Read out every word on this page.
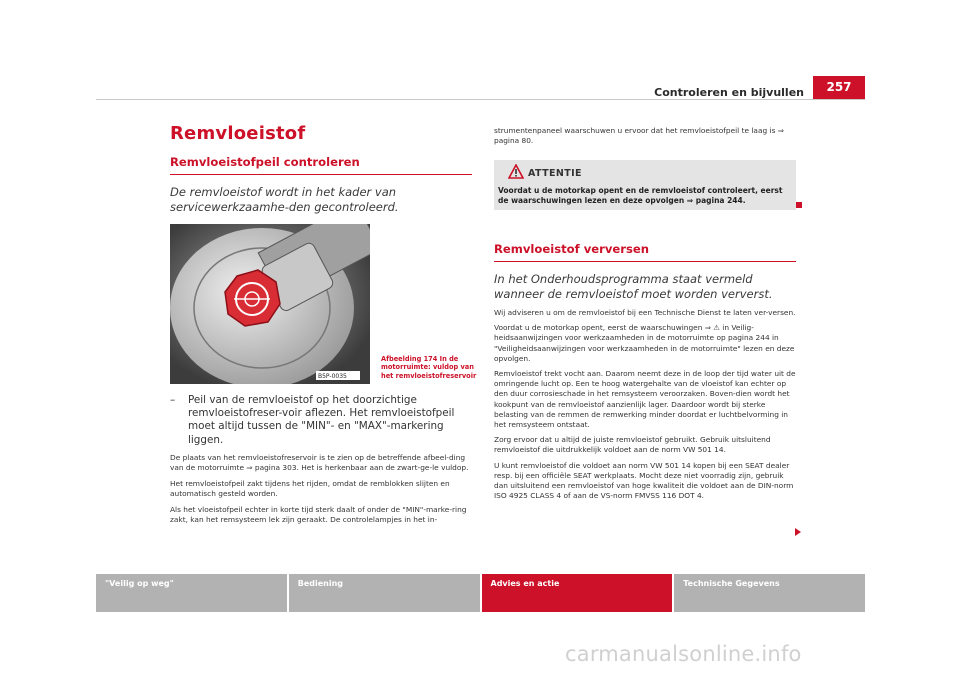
Controleren en bijvullen	257
Remvloeistof
Remvloeistofpeil controleren

De remvloeistof wordt in het kader van servicewerkzaamhe-den gecontroleerd.

B5P-0035
– Peil van de remvloeistof op het doorzichtige remvloeistofreser-voir aflezen. Het remvloeistofpeil moet altijd tussen de "MIN"- en "MAX"-markering liggen.

De plaats van het remvloeistofreservoir is te zien op de betreffende afbeel-ding van de motorruimte ⇒ pagina 303. Het is herkenbaar aan de zwart-ge-le vuldop.

Het remvloeistofpeil zakt tijdens het rijden, omdat de remblokken slijten en automatisch gesteld worden.

Als het vloeistofpeil echter in korte tijd sterk daalt of onder de "MIN"-marke-ring zakt, kan het remsysteem lek zijn geraakt. De controlelampjes in het in-

Afbeelding 174 In de motorruimte: vuldop van het remvloeistofreservoir

strumentenpaneel waarschuwen u ervoor dat het remvloeistofpeil te laag is ⇒ pagina 80.

ATTENTIE
Voordat u de motorkap opent en de remvloeistof controleert, eerst de waarschuwingen lezen en deze opvolgen ⇒ pagina 244.
Remvloeistof verversen

In het Onderhoudsprogramma staat vermeld wanneer de remvloeistof moet worden ververst.

Wij adviseren u om de remvloeistof bij een Technische Dienst te laten ver-versen.

Voordat u de motorkap opent, eerst de waarschuwingen ⇒ ⚠ in Veilig-heidsaanwijzingen voor werkzaamheden in de motorruimte op pagina 244 in "Veiligheidsaanwijzingen voor werkzaamheden in de motorruimte" lezen en deze opvolgen.

Remvloeistof trekt vocht aan. Daarom neemt deze in de loop der tijd water uit de omringende lucht op. Een te hoog watergehalte van de vloeistof kan echter op den duur corrosieschade in het remsysteem veroorzaken. Boven-dien wordt het kookpunt van de remvloeistof aanzienlijk lager. Daardoor wordt bij sterke belasting van de remmen de remwerking minder doordat er luchtbelvorming in het remsysteem ontstaat.

Zorg ervoor dat u altijd de juiste remvloeistof gebruikt. Gebruik uitsluitend remvloeistof die uitdrukkelijk voldoet aan de norm VW 501 14.

U kunt remvloeistof die voldoet aan norm VW 501 14 kopen bij een SEAT dealer resp. bij een officiële SEAT werkplaats. Mocht deze niet voorradig zijn, gebruik dan uitsluitend een remvloeistof van hoge kwaliteit die voldoet aan de DIN-norm ISO 4925 CLASS 4 of aan de VS-norm FMVSS 116 DOT 4.

"Veilig op weg"	Bediening	Advies en actie	Technische Gegevens
carmanualsonline.info
